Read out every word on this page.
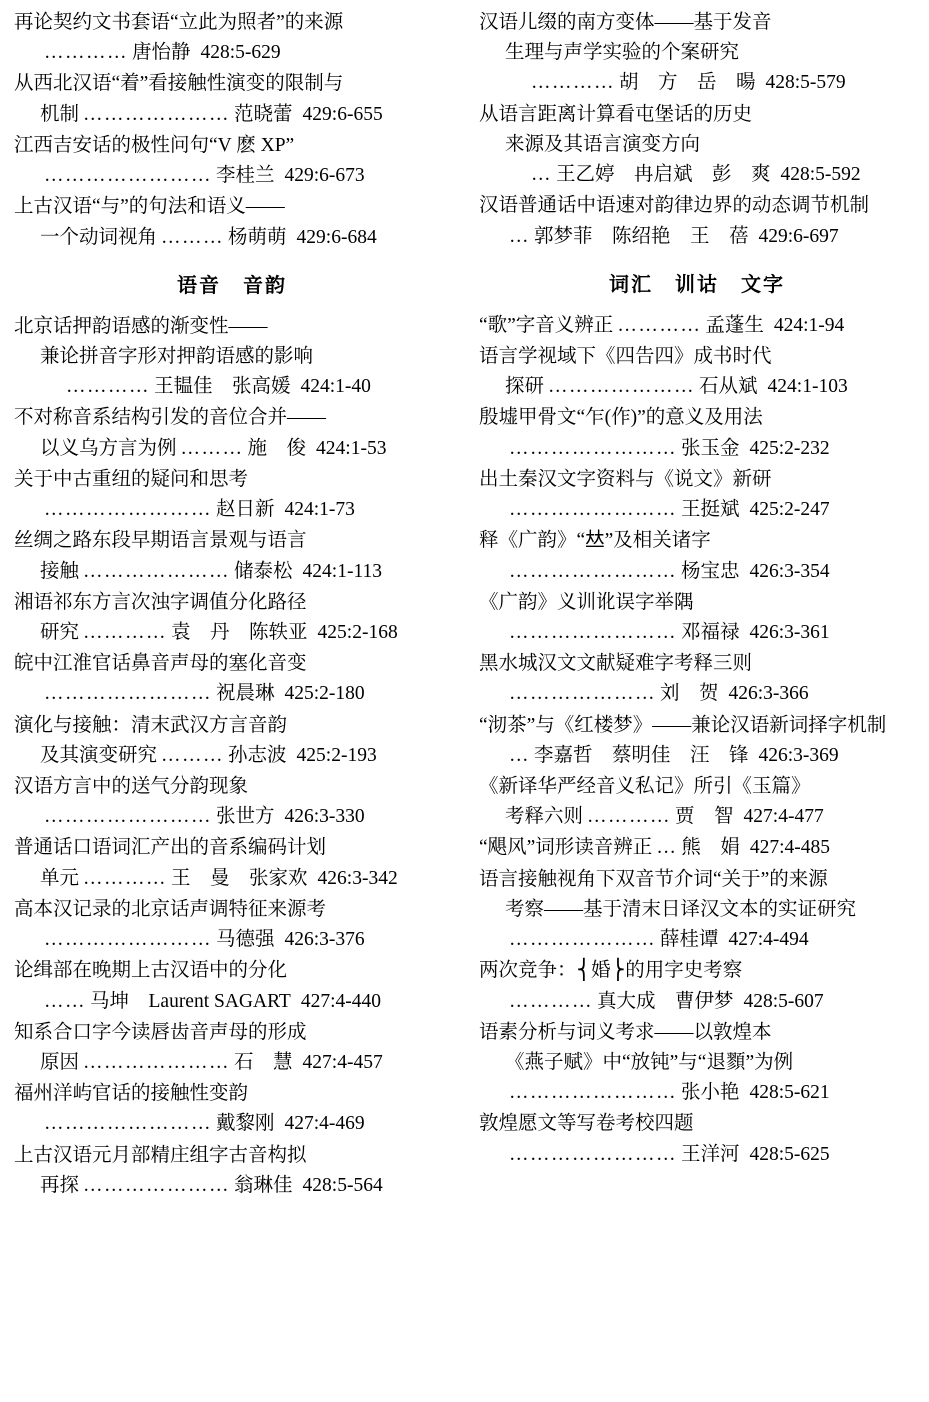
再论契约文书套语“立此为照者”的来源
………… 唐怡静 428:5-629
从西北汉语“着”看接触性演变的限制与
机制 ………………… 范晓蕾 429:6-655
江西吉安话的极性问句“V 麽 XP”
…………………… 李桂兰 429:6-673
上古汉语“与”的句法和语义——
一个动词视角 ……… 杨萌萌 429:6-684
语音　音韵
北京话押韵语感的渐变性——
兼论拼音字形对押韵语感的影响
………… 王韫佳　张高媛 424:1-40
不对称音系结构引发的音位合并——
以义乌方言为例 ……… 施　俊 424:1-53
关于中古重纽的疑问和思考
…………………… 赵日新 424:1-73
丝绸之路东段早期语言景观与语言
接触 ………………… 储泰松 424:1-113
湘语祁东方言次浊字调值分化路径
研究 ………… 袁　丹　陈轶亚 425:2-168
皖中江淮官话鼻音声母的塞化音变
…………………… 祝晨琳 425:2-180
演化与接触：清末武汉方言音韵
及其演变研究 ……… 孙志波 425:2-193
汉语方言中的送气分韵现象
…………………… 张世方 426:3-330
普通话口语词汇产出的音系编码计划
单元 ………… 王　曼　张家欢 426:3-342
高本汉记录的北京话声调特征来源考
…………………… 马德强 426:3-376
论缉部在晚期上古汉语中的分化
…… 马坤　Laurent SAGART 427:4-440
知系合口字今读唇齿音声母的形成
原因 ………………… 石　慧 427:4-457
福州洋屿官话的接触性变韵
…………………… 戴黎刚 427:4-469
上古汉语元月部精庄组字古音构拟
再探 ………………… 翁琳佳 428:5-564
汉语儿缀的南方变体——基于发音
生理与声学实验的个案研究
………… 胡　方　岳　暘 428:5-579
从语言距离计算看屯堡话的历史
来源及其语言演变方向
… 王乙婷　冉启斌　彭　爽 428:5-592
汉语普通话中语速对韵律边界的动态调节机制
… 郭梦菲　陈绍艳　王　蓓 429:6-697
词汇　训诂　文字
“歌”字音义辨正 ………… 孟蓬生 424:1-94
语言学视域下《四告四》成书时代
探研 ………………… 石从斌 424:1-103
殷墟甲骨文“乍(作)”的意义及用法
…………………… 张玉金 425:2-232
出土秦汉文字资料与《说文》新研
…………………… 王挺斌 425:2-247
释《广韵》“𠀤”及相关诸字
…………………… 杨宝忠 426:3-354
《广韵》义训讹误字举隅
…………………… 邓福禄 426:3-361
黑水城汉文文献疑难字考释三则
………………… 刘　贺 426:3-366
“沏茶”与《红楼梦》——兼论汉语新词择字机制
… 李嘉哲　蔡明佳　汪　锋 426:3-369
《新译华严经音义私记》所引《玉篇》
考释六则 ………… 贾　智 427:4-477
“飓风”词形读音辨正 … 熊　娟 427:4-485
语言接触视角下双音节介词“关于”的来源
考察——基于清末日译汉文本的实证研究
………………… 薛桂谭 427:4-494
两次竞争：⎨婚⎬的用字史考察
………… 真大成　曹伊梦 428:5-607
语素分析与词义考求——以敦煌本
《燕子赋》中“放钝”与“退顟”为例
…………………… 张小艳 428:5-621
敦煌愿文等写卷考校四题
…………………… 王洋河 428:5-625
